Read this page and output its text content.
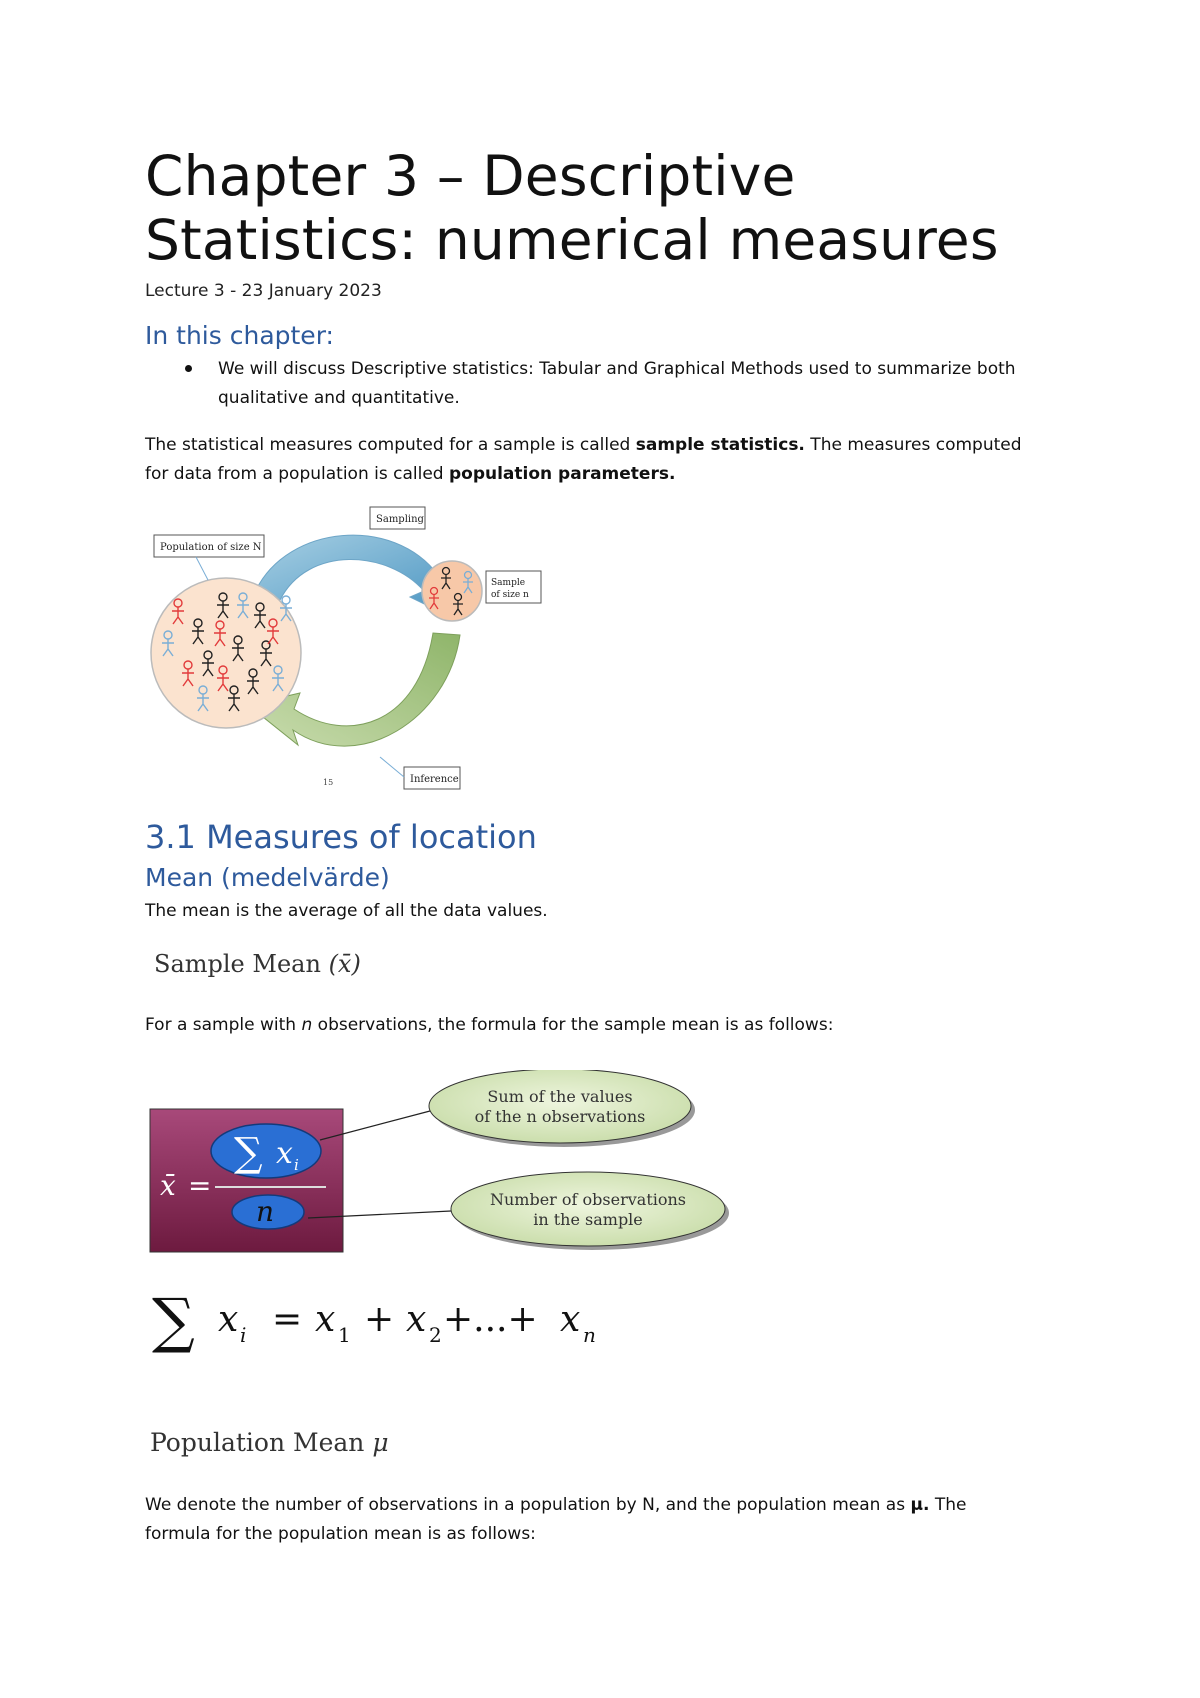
Chapter 3 – Descriptive
Statistics: numerical measures
Lecture 3 - 23 January 2023
In this chapter:
We will discuss Descriptive statistics: Tabular and Graphical Methods used to summarize both
qualitative and quantitative.
The statistical measures computed for a sample is called sample statistics. The measures computed
for data from a population is called population parameters.
Population of size N
Sampling
Sample
of size n
Inference
15
3.1 Measures of location
Mean (medelvärde)
The mean is the average of all the data values.
Sample Mean (x̄)
For a sample with n observations, the formula for the sample mean is as follows:
∑ x i
n
x̄ =
Sum of the values
of the n observations
Number of observations
in the sample
∑ x i = x 1 + x 2 +...+ x n
Population Mean μ
We denote the number of observations in a population by N, and the population mean as μ. The
formula for the population mean is as follows:
